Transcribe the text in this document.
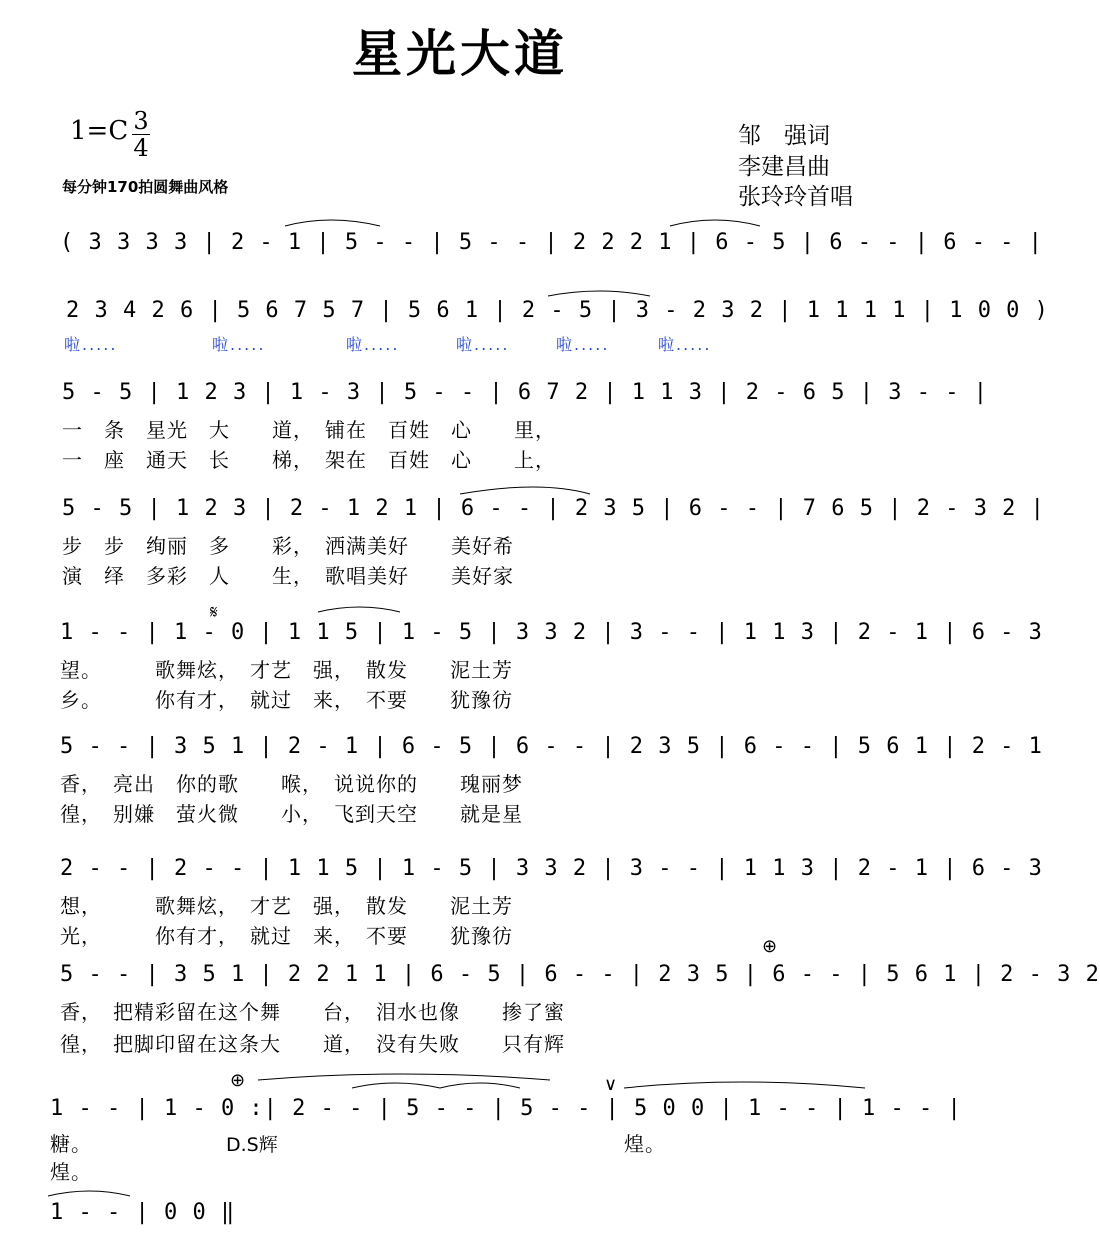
星光大道
1=C 3
4
每分钟170拍圆舞曲风格
邹　强词
李建昌曲
张玲玲首唱
( 3 3 3 3 | 2 - 1 | 5 - - | 5 - - | 2 2 2 1 | 6 - 5 | 6 - - | 6 - - |
2 3 4 2 6 | 5 6 7 5 7 | 5 6 1 | 2 - 5 | 3 - 2 3 2 | 1 1 1 1 | 1 0 0 )
啦.....	啦.....	啦.....	啦.....	啦.....	啦.....
5 - 5 | 1 2 3 | 1 - 3 | 5 - - | 6 7 2 | 1 1 3 | 2 - 6 5 | 3 - - |
一　条　星光　大　　道，　铺在　百姓　心　　里，
一　座　通天　长　　梯，　架在　百姓　心　　上，
5 - 5 | 1 2 3 | 2 - 1 2 1 | 6 - - | 2 3 5 | 6 - - | 7 6 5 | 2 - 3 2 |
步　步　绚丽　多　　彩，　洒满美好　　美好希
演　绎　多彩　人　　生，　歌唱美好　　美好家
𝄋
1 - - | 1 - 0 | 1 1 5 | 1 - 5 | 3 3 2 | 3 - - | 1 1 3 | 2 - 1 | 6 - 3
望。　　　歌舞炫，　才艺　强，　散发　　泥土芳
乡。　　　你有才，　就过　来，　不要　　犹豫彷
5 - - | 3 5 1 | 2 - 1 | 6 - 5 | 6 - - | 2 3 5 | 6 - - | 5 6 1 | 2 - 1
香，　亮出　你的歌　　喉，　说说你的　　瑰丽梦
徨，　别嫌　萤火微　　小，　飞到天空　　就是星
2 - - | 2 - - | 1 1 5 | 1 - 5 | 3 3 2 | 3 - - | 1 1 3 | 2 - 1 | 6 - 3
想，　　　歌舞炫，　才艺　强，　散发　　泥土芳
光，　　　你有才，　就过　来，　不要　　犹豫彷	⊕
5 - - | 3 5 1 | 2 2 1 1 | 6 - 5 | 6 - - | 2 3 5 | 6 - - | 5 6 1 | 2 - 3 2
香，　把精彩留在这个舞　　台，　泪水也像　　掺了蜜
徨，　把脚印留在这条大　　道，　没有失败　　只有辉
⊕	∨
1 - - | 1 - 0 :| 2 - - | 5 - - | 5 - - | 5 0 0 | 1 - - | 1 - - |
糖。	D.S辉	煌。
煌。
1 - - | 0 0 ‖
